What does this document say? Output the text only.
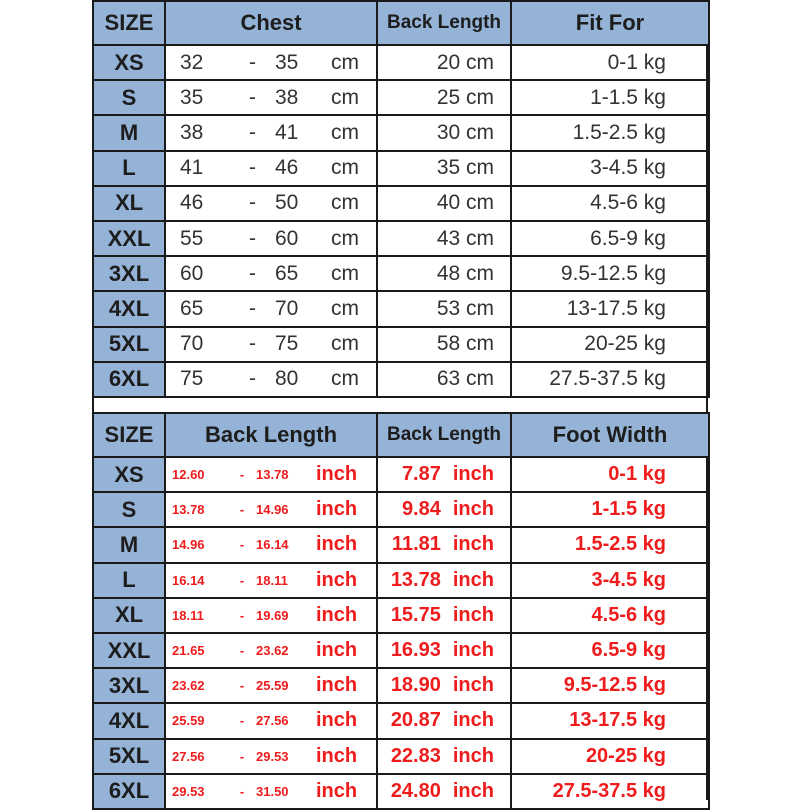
SIZE	Chest	Back Length	Fit For
XS	32 - 35 cm	20 cm	0-1 kg
S	35 - 38 cm	25 cm	1-1.5 kg
M	38 - 41 cm	30 cm	1.5-2.5 kg
L	41 - 46 cm	35 cm	3-4.5 kg
XL	46 - 50 cm	40 cm	4.5-6 kg
XXL	55 - 60 cm	43 cm	6.5-9 kg
3XL	60 - 65 cm	48 cm	9.5-12.5 kg
4XL	65 - 70 cm	53 cm	13-17.5 kg
5XL	70 - 75 cm	58 cm	20-25 kg
6XL	75 - 80 cm	63 cm	27.5-37.5 kg
SIZE	Back Length	Back Length	Foot Width
XS	12.60 - 13.78 inch	7.87 inch	0-1 kg
S	13.78 - 14.96 inch	9.84 inch	1-1.5 kg
M	14.96 - 16.14 inch	11.81 inch	1.5-2.5 kg
L	16.14 - 18.11 inch	13.78 inch	3-4.5 kg
XL	18.11 - 19.69 inch	15.75 inch	4.5-6 kg
XXL	21.65 - 23.62 inch	16.93 inch	6.5-9 kg
3XL	23.62 - 25.59 inch	18.90 inch	9.5-12.5 kg
4XL	25.59 - 27.56 inch	20.87 inch	13-17.5 kg
5XL	27.56 - 29.53 inch	22.83 inch	20-25 kg
6XL	29.53 - 31.50 inch	24.80 inch	27.5-37.5 kg
